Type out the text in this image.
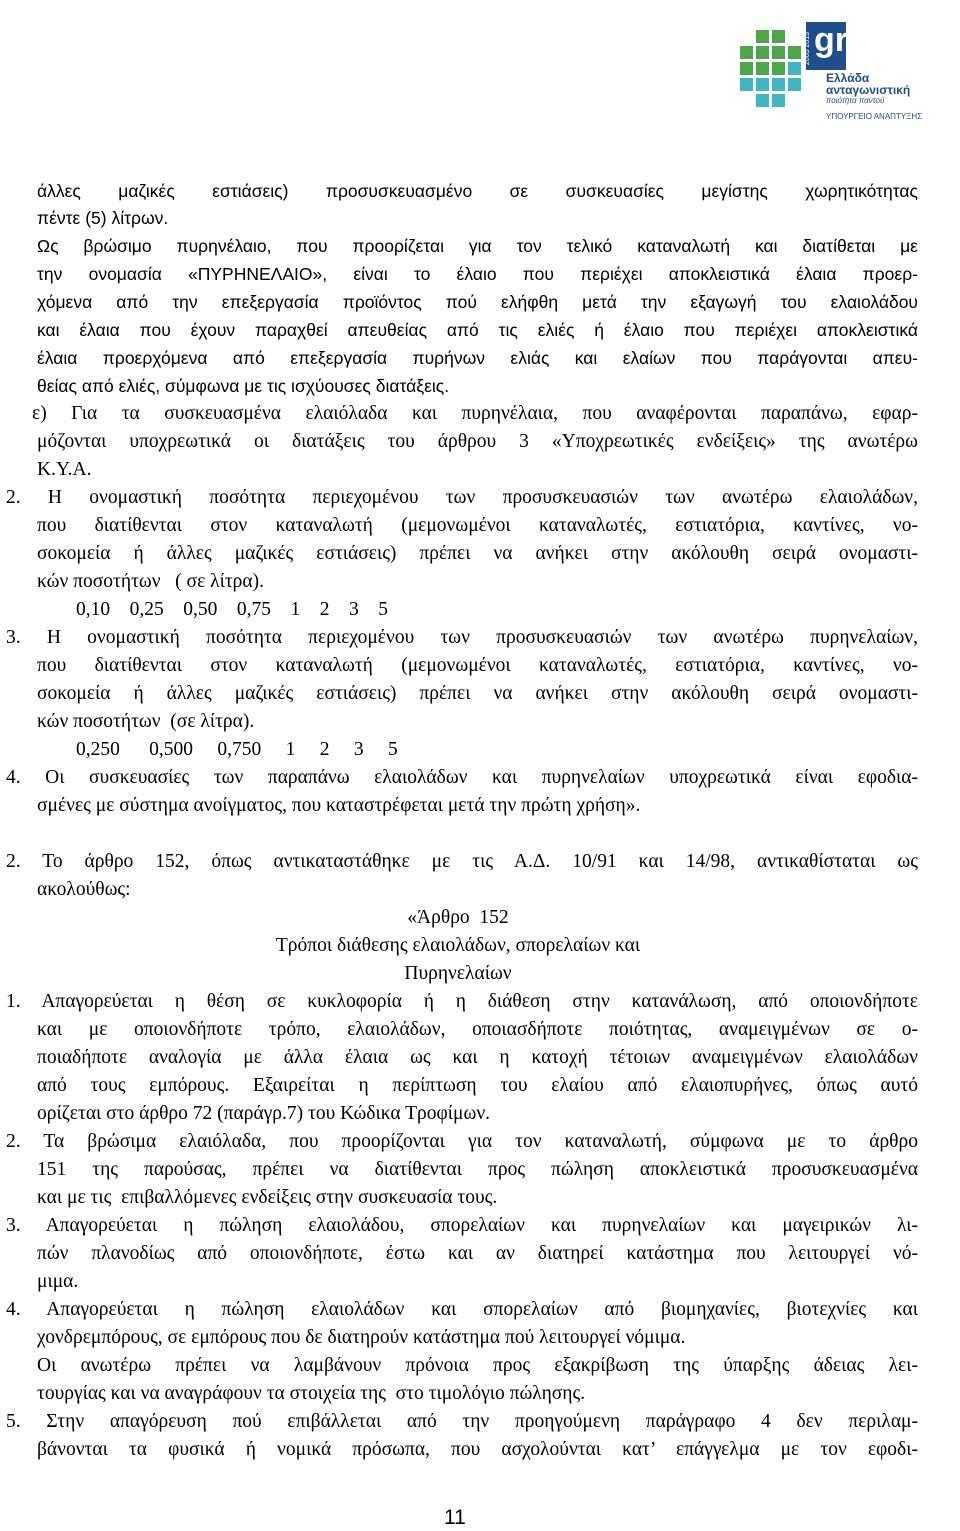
2005 2013 gr
Ελλάδα
ανταγωνιστική
ποιότητα παντού
ΥΠΟΥΡΓΕΙΟ ΑΝΑΠΤΥΞΗΣ
άλλες μαζικές εστιάσεις) προσυσκευασμένο σε συσκευασίες μεγίστης χωρητικότητας
πέντε (5) λίτρων.
Ως βρώσιμο πυρηνέλαιο, που προορίζεται για τον τελικό καταναλωτή και διατίθεται με
την ονομασία «ΠΥΡΗΝΕΛΑΙΟ», είναι το έλαιο που περιέχει αποκλειστικά έλαια προερ-
χόμενα από την επεξεργασία προϊόντος πού ελήφθη μετά την εξαγωγή του ελαιολάδου
και έλαια που έχουν παραχθεί απευθείας από τις ελιές ή έλαιο που περιέχει αποκλειστικά
έλαια προερχόμενα από επεξεργασία πυρήνων ελιάς και ελαίων που παράγονται απευ-
θείας από ελιές, σύμφωνα με τις ισχύουσες διατάξεις.
ε) Για τα συσκευασμένα ελαιόλαδα και πυρηνέλαια, που αναφέρονται παραπάνω, εφαρ-
μόζονται υποχρεωτικά οι διατάξεις του άρθρου 3 «Υποχρεωτικές ενδείξεις» της ανωτέρω
Κ.Υ.Α.
2. Η ονομαστική ποσότητα περιεχομένου των προσυσκευασιών των ανωτέρω ελαιολάδων,
που διατίθενται στον καταναλωτή (μεμονωμένοι καταναλωτές, εστιατόρια, καντίνες, νο-
σοκομεία ή άλλες μαζικές εστιάσεις) πρέπει να ανήκει στην ακόλουθη σειρά ονομαστι-
κών ποσοτήτων   ( σε λίτρα).
0,10    0,25    0,50    0,75    1    2    3    5
3. Η ονομαστική ποσότητα περιεχομένου των προσυσκευασιών των ανωτέρω πυρηνελαίων,
που διατίθενται στον καταναλωτή (μεμονωμένοι καταναλωτές, εστιατόρια, καντίνες, νο-
σοκομεία ή άλλες μαζικές εστιάσεις) πρέπει να ανήκει στην ακόλουθη σειρά ονομαστι-
κών ποσοτήτων  (σε λίτρα).
0,250      0,500     0,750     1     2     3     5
4. Οι συσκευασίες των παραπάνω ελαιολάδων και πυρηνελαίων υποχρεωτικά είναι εφοδια-
σμένες με σύστημα ανοίγματος, που καταστρέφεται μετά την πρώτη χρήση».
2. Το άρθρο 152, όπως αντικαταστάθηκε με τις Α.Δ. 10/91 και 14/98, αντικαθίσταται ως
ακολούθως:
«Άρθρο  152
Τρόποι διάθεσης ελαιολάδων, σπορελαίων και
Πυρηνελαίων
1. Απαγορεύεται η θέση σε κυκλοφορία ή η διάθεση στην κατανάλωση, από οποιονδήποτε
και με οποιονδήποτε τρόπο, ελαιολάδων, οποιασδήποτε ποιότητας, αναμειγμένων σε ο-
ποιαδήποτε αναλογία με άλλα έλαια ως και η κατοχή τέτοιων αναμειγμένων ελαιολάδων
από τους εμπόρους. Εξαιρείται η περίπτωση του ελαίου από ελαιοπυρήνες, όπως αυτό
ορίζεται στο άρθρο 72 (παράγρ.7) του Κώδικα Τροφίμων.
2. Τα βρώσιμα ελαιόλαδα, που προορίζονται για τον καταναλωτή, σύμφωνα με το άρθρο
151 της παρούσας, πρέπει να διατίθενται προς πώληση αποκλειστικά προσυσκευασμένα
και με τις  επιβαλλόμενες ενδείξεις στην συσκευασία τους.
3. Απαγορεύεται η πώληση ελαιολάδου, σπορελαίων και πυρηνελαίων και μαγειρικών λι-
πών πλανοδίως από οποιονδήποτε, έστω και αν διατηρεί κατάστημα που λειτουργεί νό-
μιμα.
4. Απαγορεύεται η πώληση ελαιολάδων και σπορελαίων από βιομηχανίες, βιοτεχνίες και
χονδρεμπόρους, σε εμπόρους που δε διατηρούν κατάστημα πού λειτουργεί νόμιμα.
Οι ανωτέρω πρέπει να λαμβάνουν πρόνοια προς εξακρίβωση της ύπαρξης άδειας λει-
τουργίας και να αναγράφουν τα στοιχεία της  στο τιμολόγιο πώλησης.
5. Στην απαγόρευση πού επιβάλλεται από την προηγούμενη παράγραφο 4 δεν περιλαμ-
βάνονται τα φυσικά ή νομικά πρόσωπα, που ασχολούνται κατ’ επάγγελμα με τον εφοδι-
11
